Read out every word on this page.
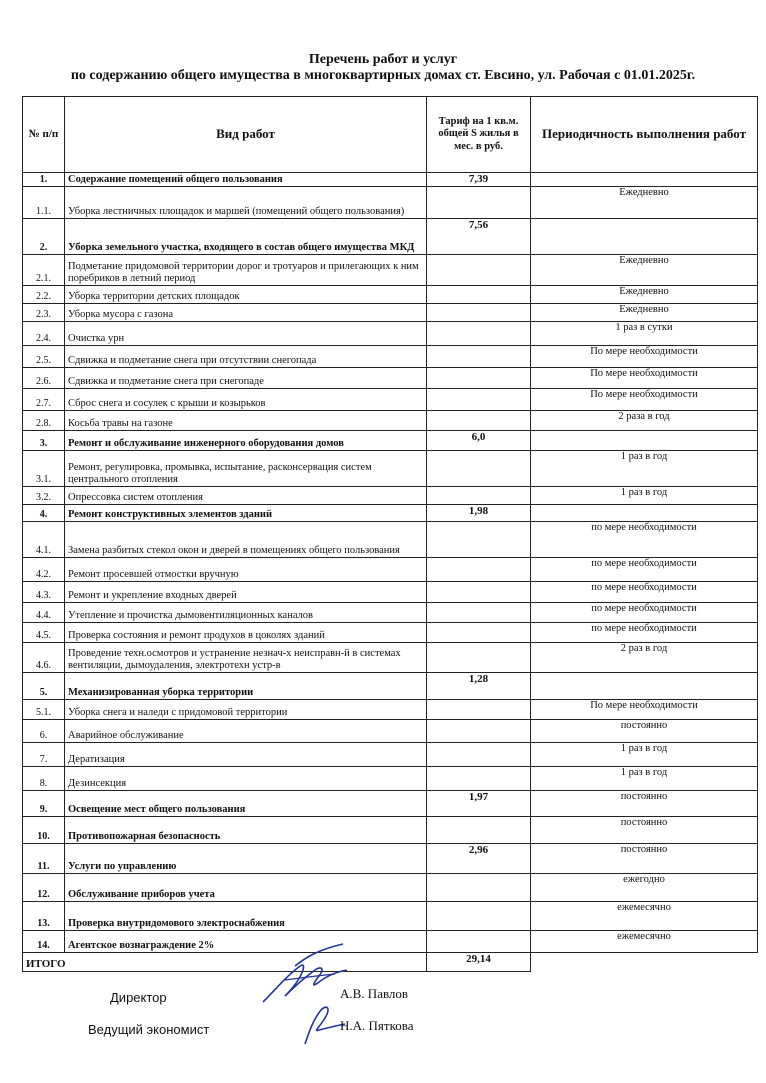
Перечень работ и услуг
по содержанию общего имущества в многоквартирных домах ст. Евсино, ул. Рабочая с 01.01.2025г.
№ п/п	Вид работ	Тариф на 1 кв.м. общей S жилья в мес. в руб.	Периодичность выполнения работ
1.	Содержание помещений общего пользования	7,39	
1.1.	Уборка лестничных площадок и маршей (помещений общего пользования)		Ежедневно
2.	Уборка земельного участка, входящего в состав общего имущества МКД	7,56	
2.1.	Подметание придомовой территории дорог и тротуаров и прилегающих к ним поребриков в летний период		Ежедневно
2.2.	Уборка территории детских площадок		Ежедневно
2.3.	Уборка мусора с газона		Ежедневно
2.4.	Очистка урн		1 раз в сутки
2.5.	Сдвижка и подметание снега при отсутствии снегопада		По мере необходимости
2.6.	Сдвижка и подметание снега при снегопаде		По мере необходимости
2.7.	Сброс снега и сосулек с крыши и козырьков		По мере необходимости
2.8.	Косьба травы на газоне		2 раза в год
3.	Ремонт и обслуживание инженерного оборудования домов	6,0	
3.1.	Ремонт, регулировка, промывка, испытание, расконсервация систем центрального отопления		1 раз в год
3.2.	Опрессовка систем отопления		1 раз в год
4.	Ремонт конструктивных элементов зданий	1,98	
4.1.	Замена разбитых стекол окон и дверей в помещениях общего пользования		по мере необходимости
4.2.	Ремонт просевшей отмостки вручную		по мере необходимости
4.3.	Ремонт и укрепление входных дверей		по мере необходимости
4.4.	Утепление и прочистка дымовентиляционных каналов		по мере необходимости
4.5.	Проверка состояния и ремонт продухов в цоколях зданий		по мере необходимости
4.6.	Проведение техн.осмотров и устранение незнач-х неисправн-й в системах вентиляции, дымоудаления, электротехн устр-в		2 раз в год
5.	Механизированная уборка территории	1,28	
5.1.	Уборка снега и наледи с придомовой территории		По мере необходимости
6.	Аварийное обслуживание		постоянно
7.	Дератизация		1 раз в год
8.	Дезинсекция		1 раз в год
9.	Освещение мест общего пользования	1,97	постоянно
10.	Противопожарная безопасность		постоянно
11.	Услуги по управлению	2,96	постоянно
12.	Обслуживание приборов учета		ежегодно
13.	Проверка внутридомового электроснабжения		ежемесячно
14.	Агентское вознаграждение 2%		ежемесячно
ИТОГО		29,14	
Директор	А.В. Павлов
Ведущий экономист	Н.А. Пяткова
